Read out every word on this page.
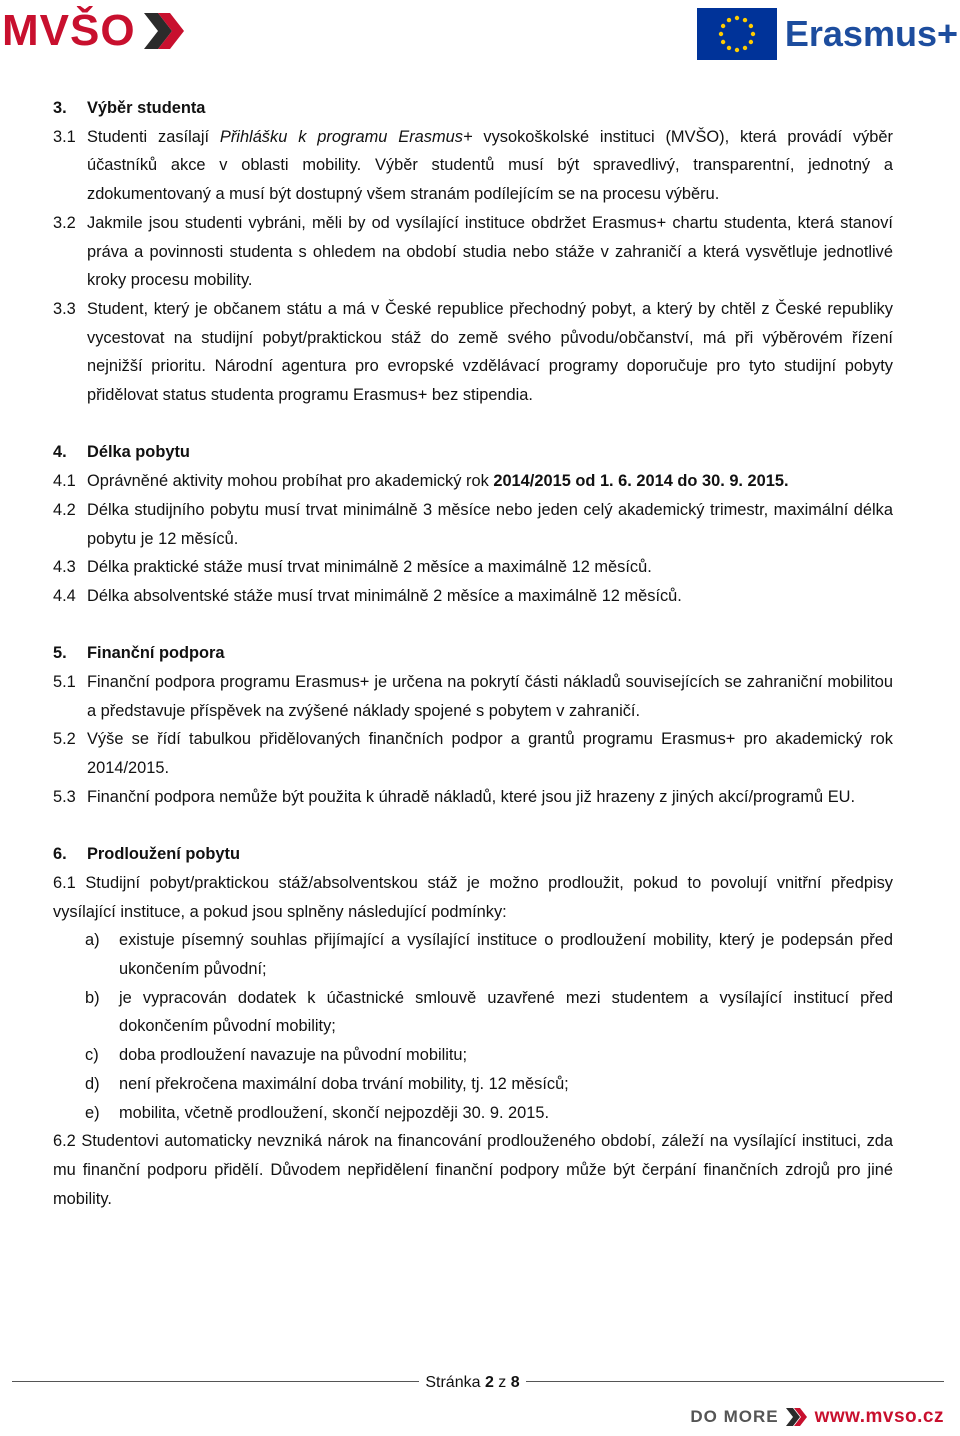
MVŠO	Erasmus+

3. Výběr studenta

3.1 Studenti zasílají Přihlášku k programu Erasmus+ vysokoškolské instituci (MVŠO), která provádí výběr účastníků akce v oblasti mobility. Výběr studentů musí být spravedlivý, transparentní, jednotný a zdokumentovaný a musí být dostupný všem stranám podílejícím se na procesu výběru.

3.2 Jakmile jsou studenti vybráni, měli by od vysílající instituce obdržet Erasmus+ chartu studenta, která stanoví práva a povinnosti studenta s ohledem na období studia nebo stáže v zahraničí a která vysvětluje jednotlivé kroky procesu mobility.

3.3 Student, který je občanem státu a má v České republice přechodný pobyt, a který by chtěl z České republiky vycestovat na studijní pobyt/praktickou stáž do země svého původu/občanství, má při výběrovém řízení nejnižší prioritu. Národní agentura pro evropské vzdělávací programy doporučuje pro tyto studijní pobyty přidělovat status studenta programu Erasmus+ bez stipendia.

4. Délka pobytu

4.1 Oprávněné aktivity mohou probíhat pro akademický rok 2014/2015 od 1. 6. 2014 do 30. 9. 2015.

4.2 Délka studijního pobytu musí trvat minimálně 3 měsíce nebo jeden celý akademický trimestr, maximální délka pobytu je 12 měsíců.

4.3 Délka praktické stáže musí trvat minimálně 2 měsíce a maximálně 12 měsíců.

4.4 Délka absolventské stáže musí trvat minimálně 2 měsíce a maximálně 12 měsíců.

5. Finanční podpora

5.1 Finanční podpora programu Erasmus+ je určena na pokrytí části nákladů souvisejících se zahraniční mobilitou a představuje příspěvek na zvýšené náklady spojené s pobytem v zahraničí.

5.2 Výše se řídí tabulkou přidělovaných finančních podpor a grantů programu Erasmus+ pro akademický rok 2014/2015.

5.3 Finanční podpora nemůže být použita k úhradě nákladů, které jsou již hrazeny z jiných akcí/programů EU.

6. Prodloužení pobytu

6.1 Studijní pobyt/praktickou stáž/absolventskou stáž je možno prodloužit, pokud to povolují vnitřní předpisy vysílající instituce, a pokud jsou splněny následující podmínky:

a) existuje písemný souhlas přijímající a vysílající instituce o prodloužení mobility, který je podepsán před ukončením původní;

b) je vypracován dodatek k účastnické smlouvě uzavřené mezi studentem a vysílající institucí před dokončením původní mobility;

c) doba prodloužení navazuje na původní mobilitu;

d) není překročena maximální doba trvání mobility, tj. 12 měsíců;

e) mobilita, včetně prodloužení, skončí nejpozději 30. 9. 2015.

6.2 Studentovi automaticky nevzniká nárok na financování prodlouženého období, záleží na vysílající instituci, zda mu finanční podporu přidělí. Důvodem nepřidělení finanční podpory může být čerpání finančních zdrojů pro jiné mobility.

Stránka 2 z 8
DO MORE www.mvso.cz
